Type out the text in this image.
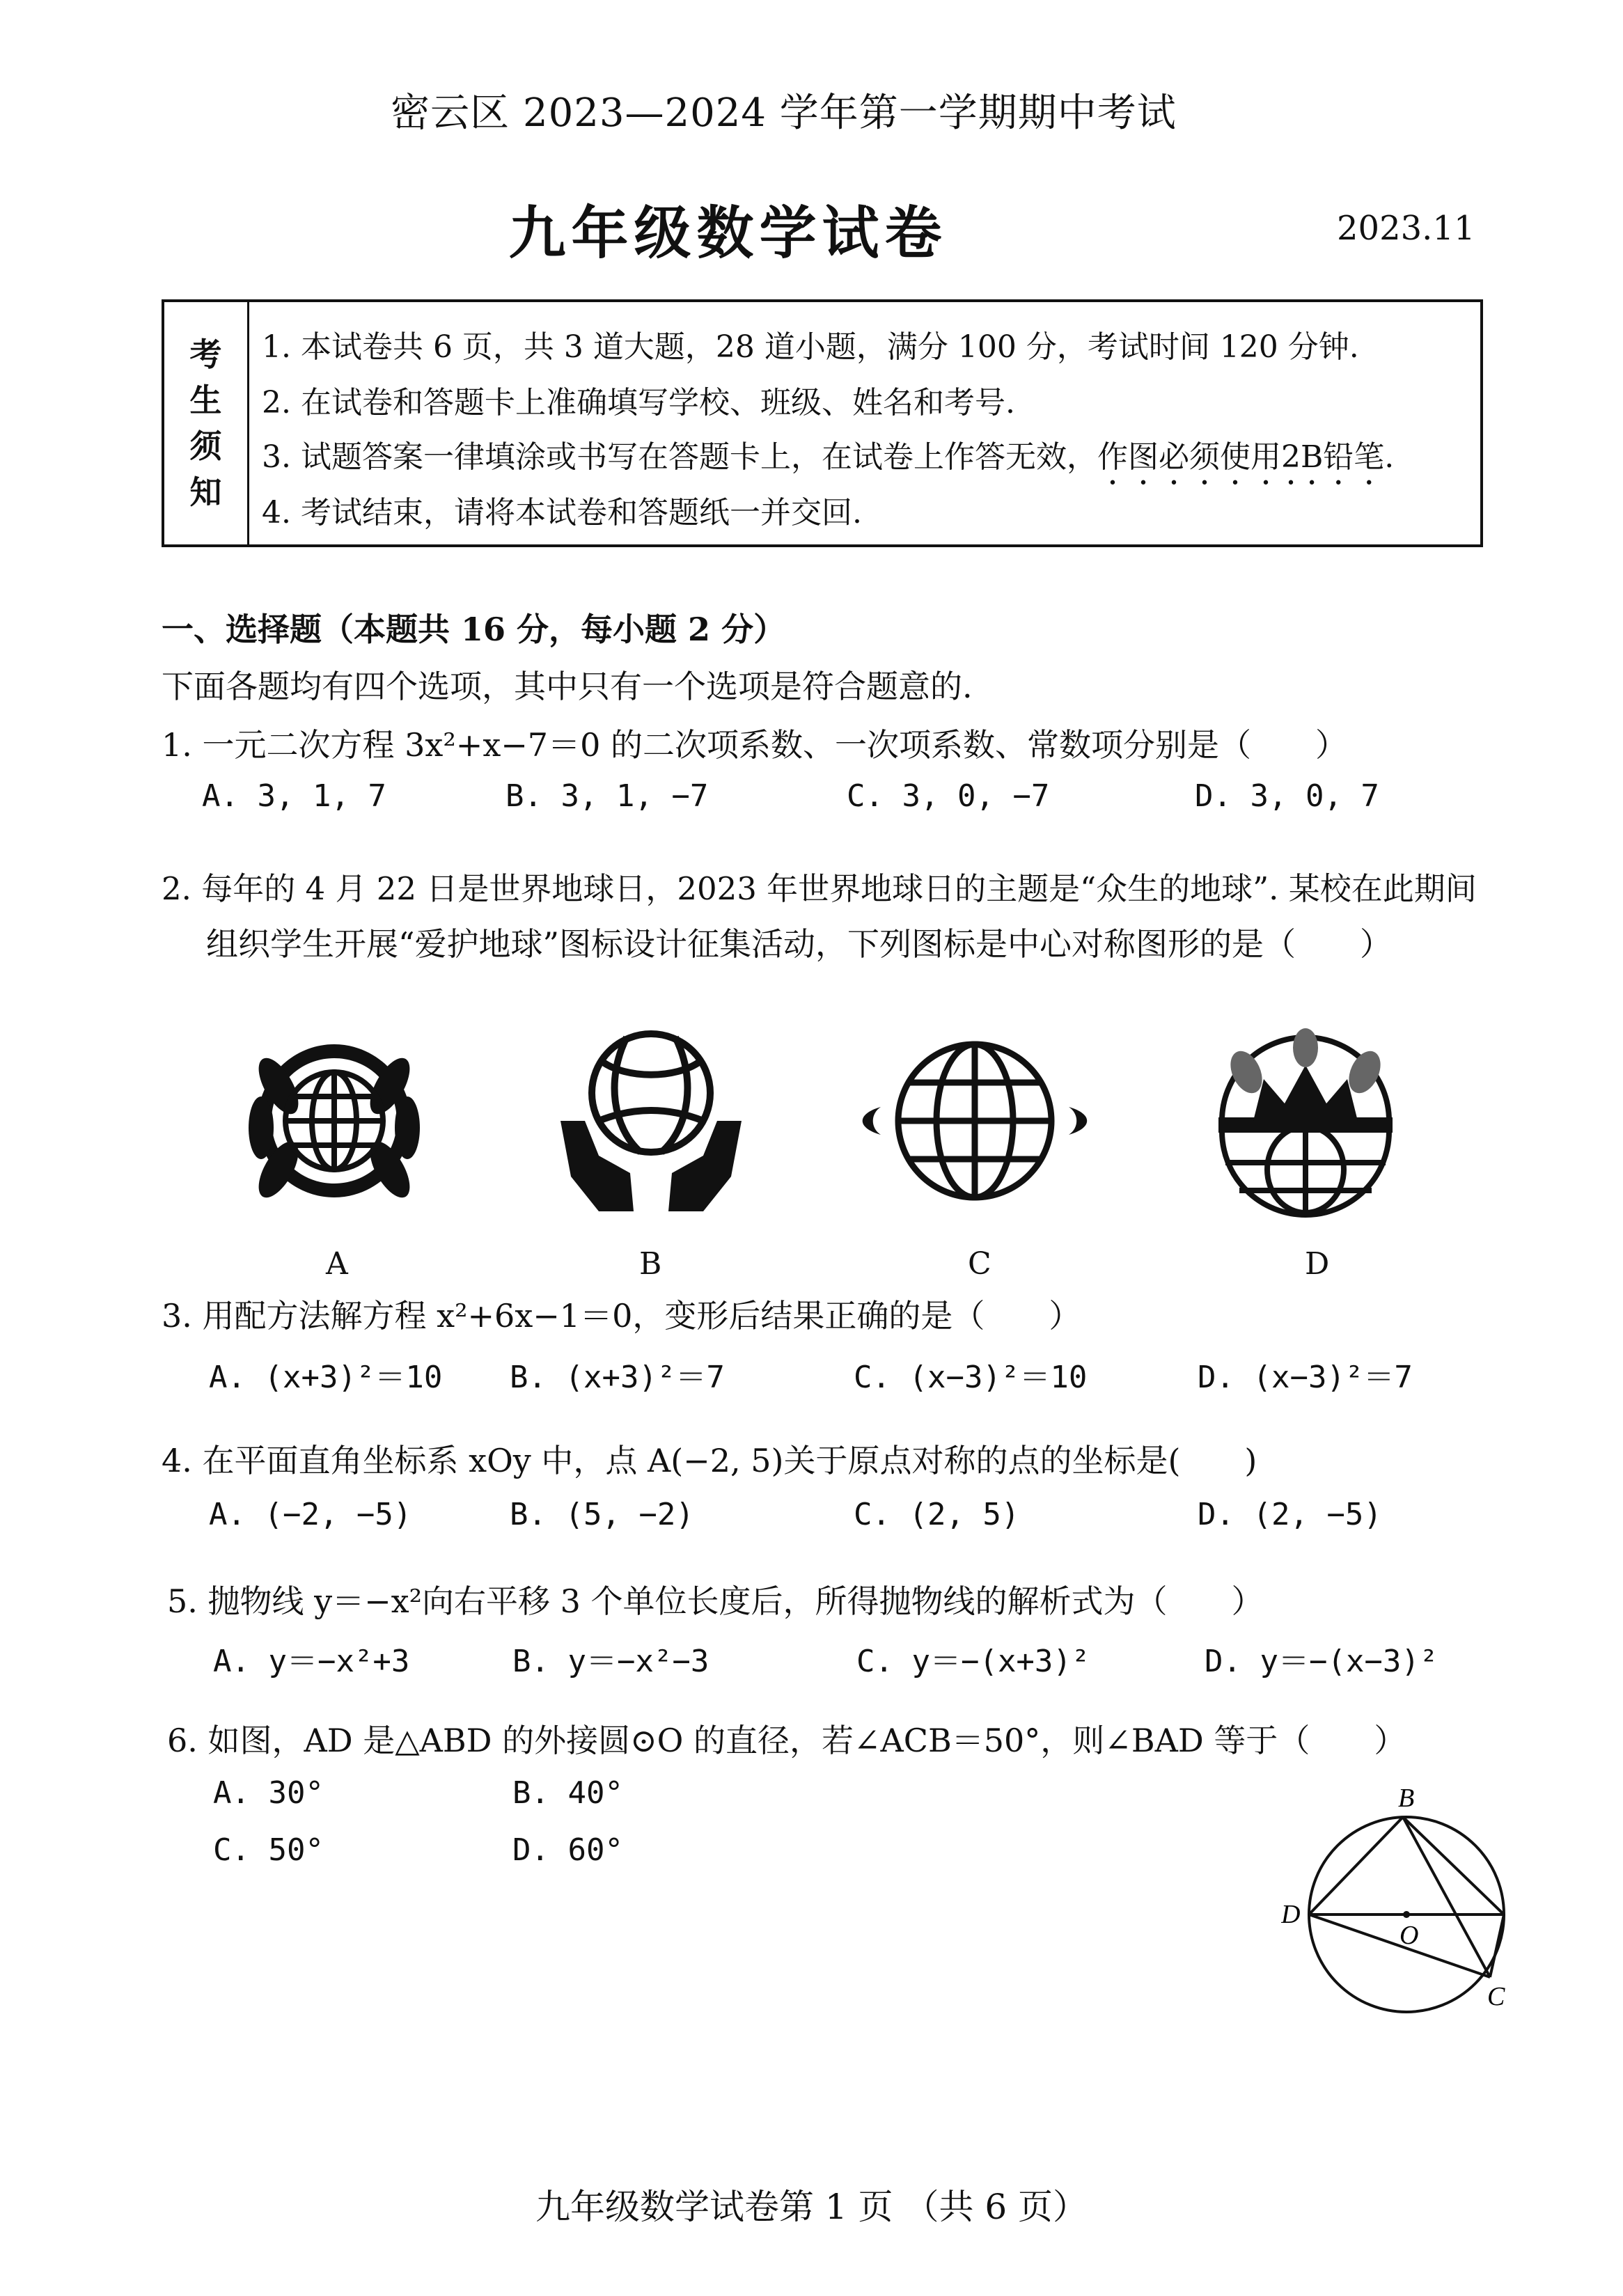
密云区 2023—2024 学年第一学期期中考试
九年级数学试卷	2023.11
考
生
须
知
1. 本试卷共 6 页，共 3 道大题，28 道小题，满分 100 分，考试时间 120 分钟.
2. 在试卷和答题卡上准确填写学校、班级、姓名和考号.
3. 试题答案一律填涂或书写在答题卡上，在试卷上作答无效，作图必须使用2B铅笔.
4. 考试结束，请将本试卷和答题纸一并交回.
一、选择题（本题共 16 分，每小题 2 分）
下面各题均有四个选项，其中只有一个选项是符合题意的.
1. 一元二次方程 3x²+x−7＝0 的二次项系数、一次项系数、常数项分别是（　　）
A. 3, 1, 7	B. 3, 1, −7	C. 3, 0, −7	D. 3, 0, 7
2. 每年的 4 月 22 日是世界地球日，2023 年世界地球日的主题是“众生的地球”. 某校在此期间
组织学生开展“爱护地球”图标设计征集活动，下列图标是中心对称图形的是（　　）
A	B	C	D
3. 用配方法解方程 x²+6x−1＝0，变形后结果正确的是（　　）
A. (x+3)²＝10 B. (x+3)²＝7	C. (x−3)²＝10	D. (x−3)²＝7
4. 在平面直角坐标系 xOy 中，点 A(−2, 5)关于原点对称的点的坐标是(　　)
A. (−2, −5)	B. (5, −2)	C. (2, 5)	D. (2, −5)
5. 抛物线 y＝−x²向右平移 3 个单位长度后，所得抛物线的解析式为（　　）
A. y＝−x²+3	B. y＝−x²−3	C. y＝−(x+3)²	D. y＝−(x−3)²
6. 如图，AD 是△ABD 的外接圆⊙O 的直径，若∠ACB＝50°，则∠BAD 等于（　　）
A. 30°	B. 40°
C. 50°	D. 60°
B
D
O
C
九年级数学试卷第 1 页 （共 6 页）
